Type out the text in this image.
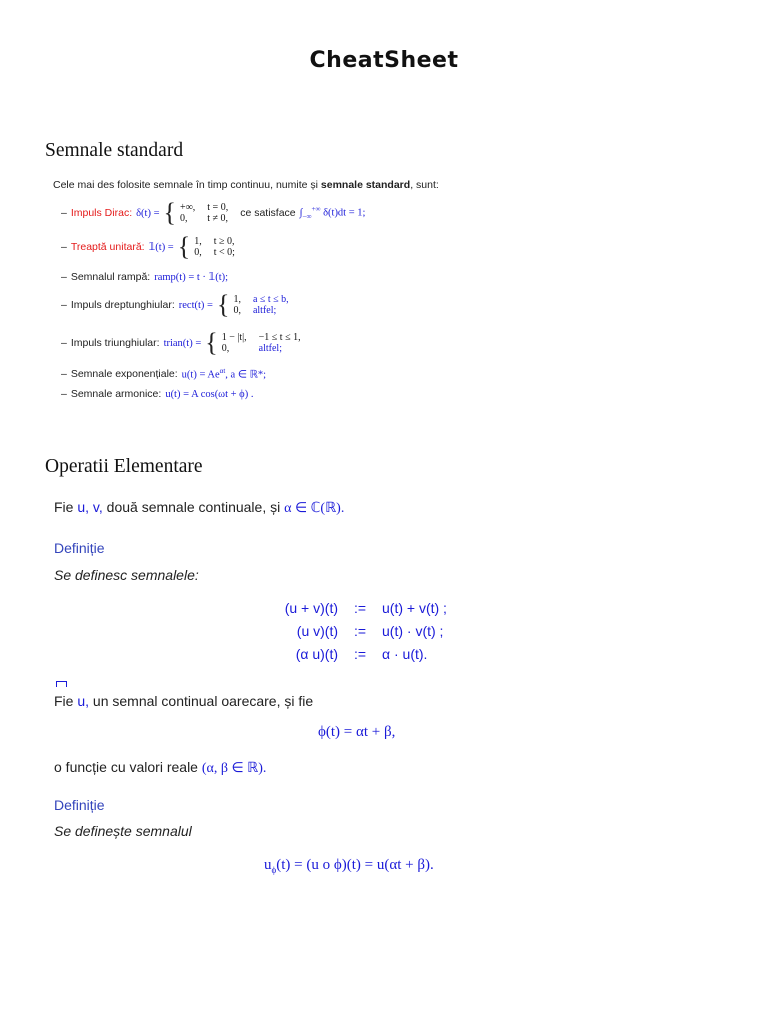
CheatSheet
Semnale standard
Cele mai des folosite semnale în timp continuu, numite și semnale standard, sunt:
– Impuls Dirac: δ(t) = { +∞, t = 0,
0,	t ≠ 0, ce satisface $\int_{-\infty}^{+\infty}$ δ(t)dt = 1;
– Treaptă unitară: 𝟙(t) = { 1, t ≥ 0,
0, t < 0;
– Semnalul rampă: ramp(t) = t · 𝟙(t);
– Impuls dreptunghiular: rect(t) = { 1, a ≤ t ≤ b,
0, altfel;
– Impuls triunghiular: trian(t) = { 1 − |t|, −1 ≤ t ≤ 1,
0,	altfel;
– Semnale exponențiale: $u(t) = Ae^{\alpha t}$, a ∈ ℝ*;
– Semnale armonice: u(t) = A cos(ωt + ϕ) .
Operatii Elementare
Fie u, v, două semnale continuale, și α ∈ ℂ(ℝ).
Definiție
Se definesc semnalele:
(u + v)(t)	:=	u(t) + v(t) ;
(u v)(t)	:=	u(t) · v(t) ;
(α u)(t)	:=	α · u(t).
Fie u, un semnal continual oarecare, și fie
ϕ(t) = αt + β,
o funcție cu valori reale (α, β ∈ ℝ).
Definiție
Se definește semnalul
$u_\phi(t) = (u$ o ϕ)(t) = u(αt + β).
